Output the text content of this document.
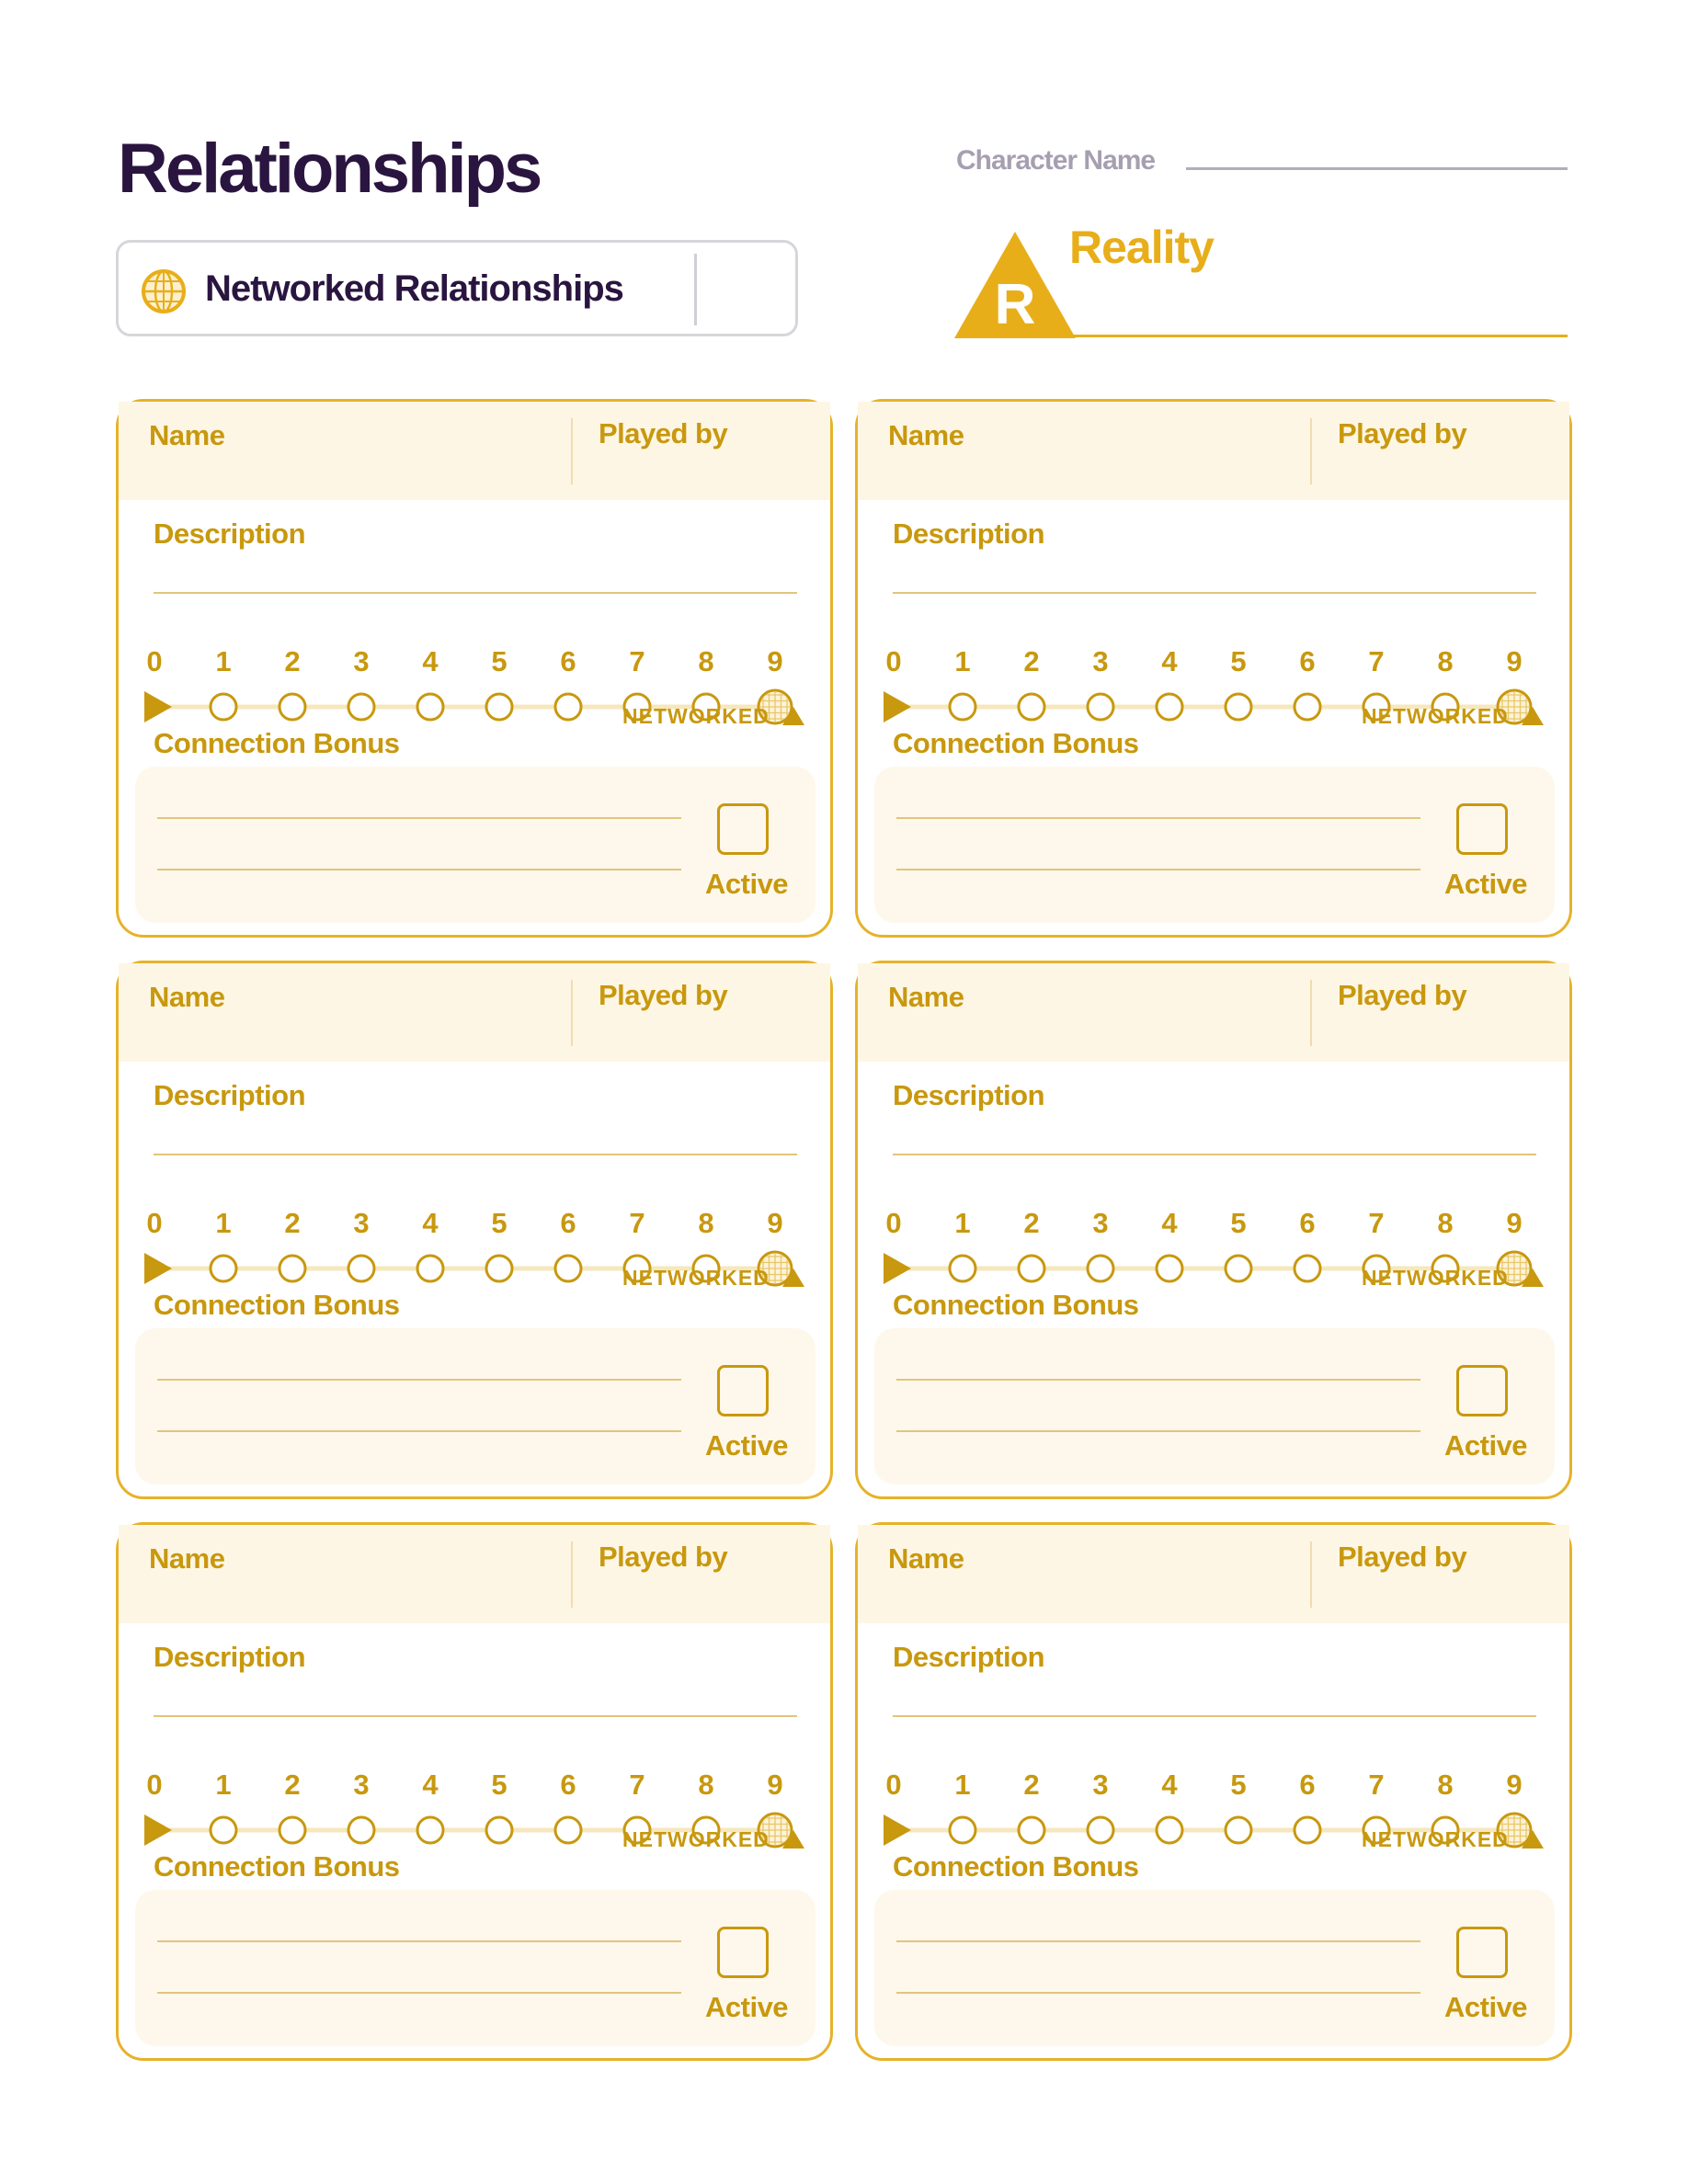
Relationships
Networked Relationships
Character Name
R
Reality
Name	Played by
Description
0 1 2 3 4 5 6 7 8 9
NETWORKED
Connection Bonus
Active
Name	Played by
Description
0 1 2 3 4 5 6 7 8 9
NETWORKED
Connection Bonus
Active
Name	Played by
Description
0 1 2 3 4 5 6 7 8 9
NETWORKED
Connection Bonus
Active
Name	Played by
Description
0 1 2 3 4 5 6 7 8 9
NETWORKED
Connection Bonus
Active
Name	Played by
Description
0 1 2 3 4 5 6 7 8 9
NETWORKED
Connection Bonus
Active
Name	Played by
Description
0 1 2 3 4 5 6 7 8 9
NETWORKED
Connection Bonus
Active
